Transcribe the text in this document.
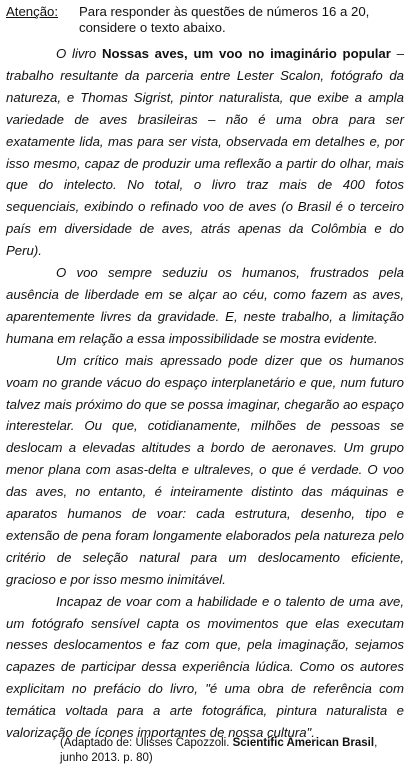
Atenção:	Para responder às questões de números 16 a 20, considere o texto abaixo.

O livro Nossas aves, um voo no imaginário popular – trabalho resultante da parceria entre Lester Scalon, fotógrafo da natureza, e Thomas Sigrist, pintor naturalista, que exibe a ampla variedade de aves brasileiras – não é uma obra para ser exatamente lida, mas para ser vista, observada em detalhes e, por isso mesmo, capaz de produzir uma reflexão a partir do olhar, mais que do intelecto. No total, o livro traz mais de 400 fotos sequenciais, exibindo o refinado voo de aves (o Brasil é o terceiro país em diversidade de aves, atrás apenas da Colômbia e do Peru).

O voo sempre seduziu os humanos, frustrados pela ausência de liberdade em se alçar ao céu, como fazem as aves, aparentemente livres da gravidade. E, neste trabalho, a limitação humana em relação a essa impossibilidade se mostra evidente.

Um crítico mais apressado pode dizer que os humanos voam no grande vácuo do espaço interplanetário e que, num futuro talvez mais próximo do que se possa imaginar, chegarão ao espaço interestelar. Ou que, cotidianamente, milhões de pessoas se deslocam a elevadas altitudes a bordo de aeronaves. Um grupo menor plana com asas-delta e ultraleves, o que é verdade. O voo das aves, no entanto, é inteiramente distinto das máquinas e aparatos humanos de voar: cada estrutura, desenho, tipo e extensão de pena foram longamente elaborados pela natureza pelo critério de seleção natural para um deslocamento eficiente, gracioso e por isso mesmo inimitável.

Incapaz de voar com a habilidade e o talento de uma ave, um fotógrafo sensível capta os movimentos que elas executam nesses deslocamentos e faz com que, pela imaginação, sejamos capazes de participar dessa experiência lúdica. Como os autores explicitam no prefácio do livro, "é uma obra de referência com temática voltada para a arte fotográfica, pintura naturalista e valorização de ícones importantes de nossa cultura".

(Adaptado de: Ulisses Capozzoli. Scientific American Brasil, junho 2013. p. 80)
